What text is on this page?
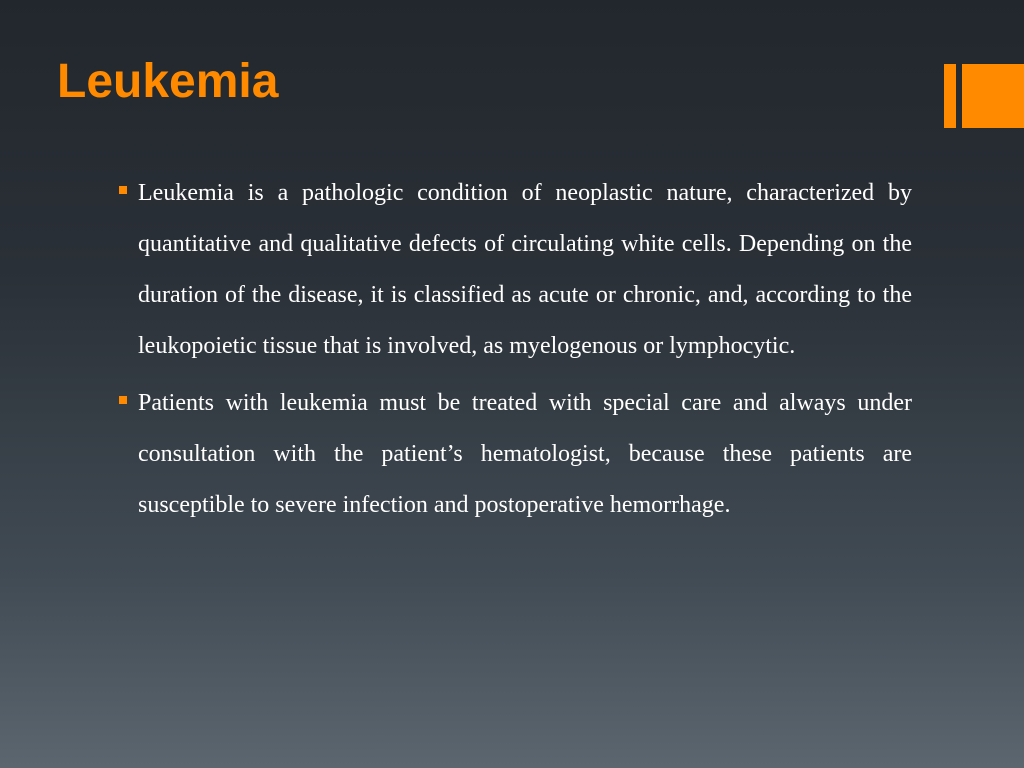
Leukemia
Leukemia is a pathologic condition of neoplastic nature, characterized by quantitative and qualitative defects of circulating white cells. Depending on the duration of the disease, it is classified as acute or chronic, and, according to the leukopoietic tissue that is involved, as myelogenous or lymphocytic.
Patients with leukemia must be treated with special care and always under consultation with the patient’s hematologist, because these patients are susceptible to severe infection and postoperative hemorrhage.
